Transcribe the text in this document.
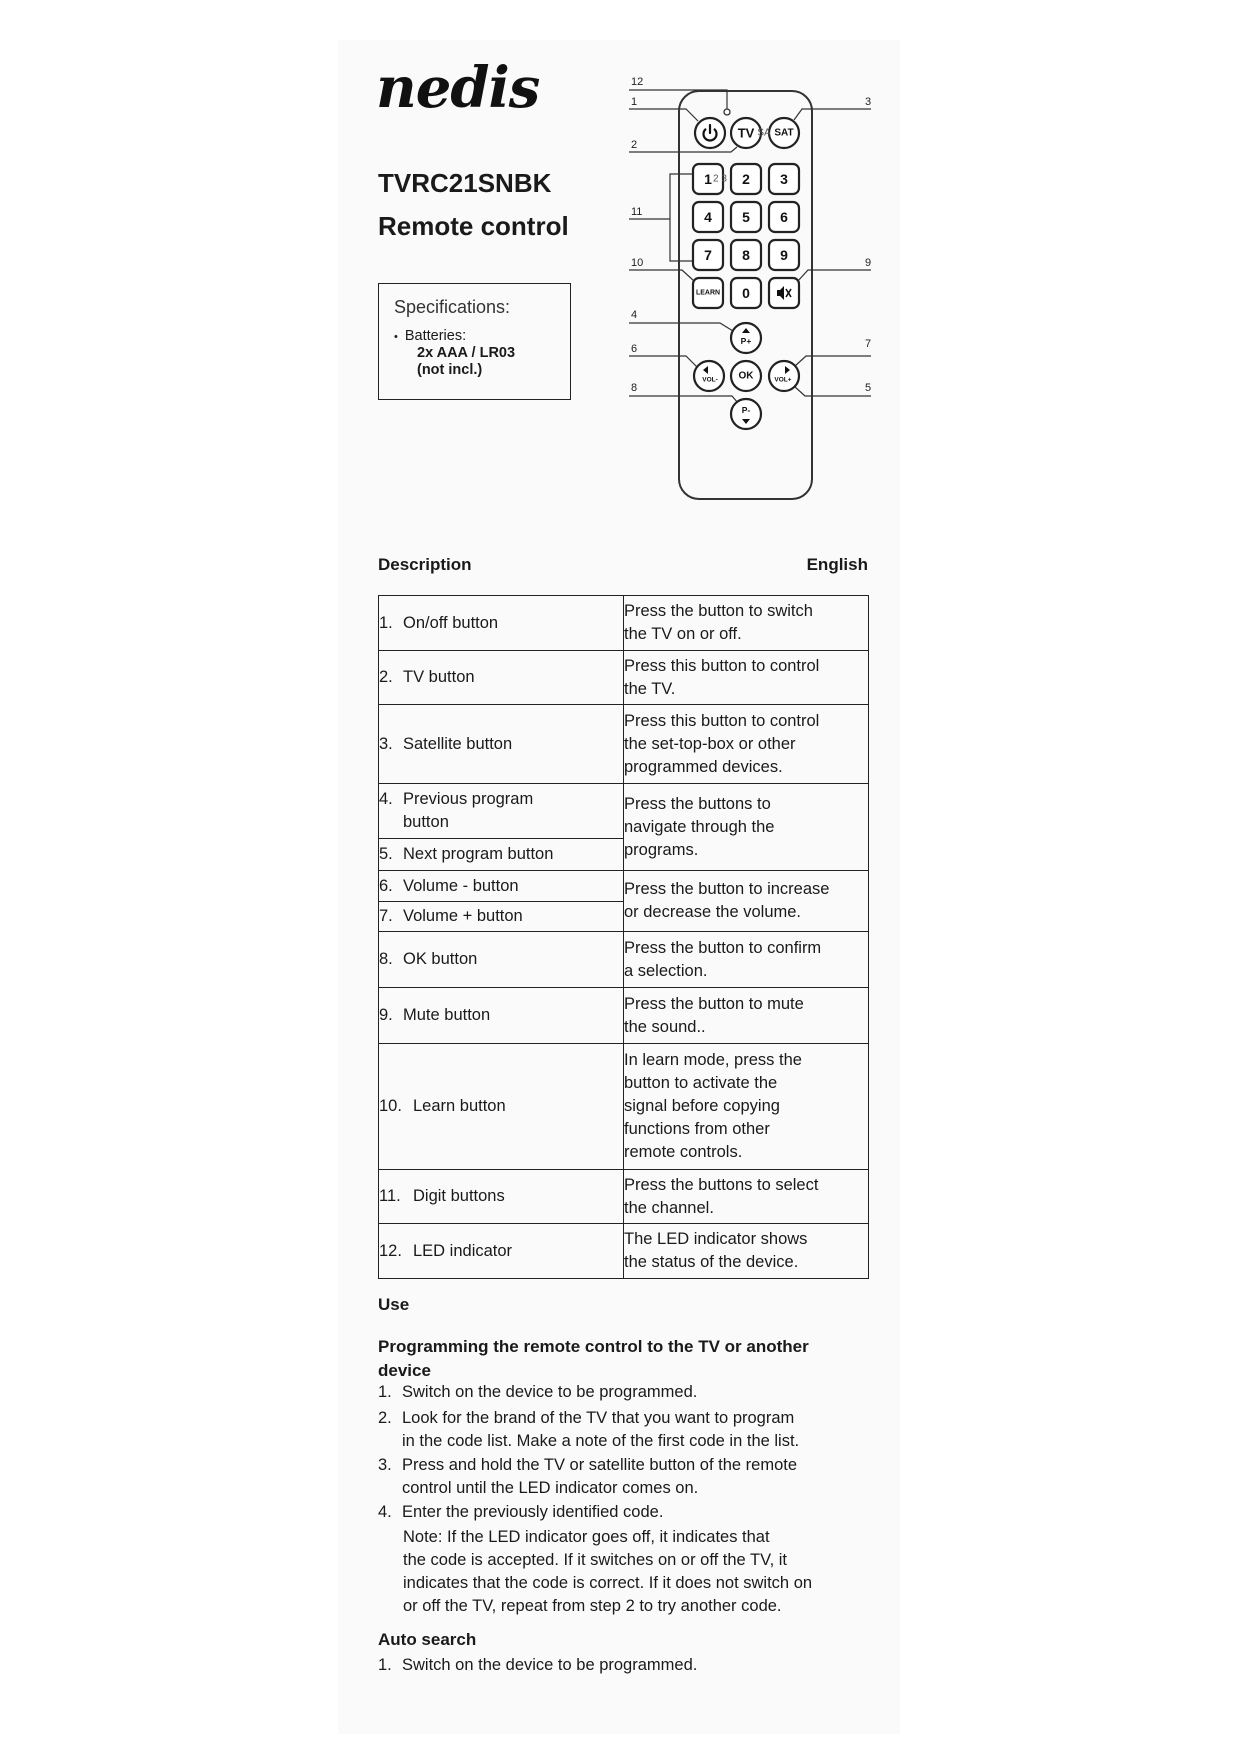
nedis
TVRC21SNBK
Remote control
Specifications:
• Batteries:
2x AAA / LR03
(not incl.)
12
1
2
11
10
4
6
8
3
9
7
5
TV SAT
SA
1 2 3
2 3
4 5 6
7 8 9
LEARN 0
P+
VOL- OK	VOL+
P-
Description	English
1. On/off button	Press the button to switch
the TV on or off.

2. TV button	Press this button to control
the TV.

3. Satellite button	Press this button to control
the set-top-box or other
programmed devices.

4. Previous program
button	Press the buttons to
navigate through the
programs.

5. Next program button	

6. Volume - button	Press the button to increase
or decrease the volume.

7. Volume + button	

8. OK button	Press the button to confirm
a selection.

9. Mute button	Press the button to mute
the sound..

10. Learn button	In learn mode, press the
button to activate the
signal before copying
functions from other
remote controls.

11. Digit buttons	Press the buttons to select
the channel.

12. LED indicator	The LED indicator shows
the status of the device.
Use
Programming the remote control to the TV or another
device
1. Switch on the device to be programmed.
2. Look for the brand of the TV that you want to program
in the code list. Make a note of the first code in the list.
3. Press and hold the TV or satellite button of the remote
control until the LED indicator comes on.
4. Enter the previously identified code.
Note: If the LED indicator goes off, it indicates that
the code is accepted. If it switches on or off the TV, it
indicates that the code is correct. If it does not switch on
or off the TV, repeat from step 2 to try another code.
Auto search
1. Switch on the device to be programmed.
